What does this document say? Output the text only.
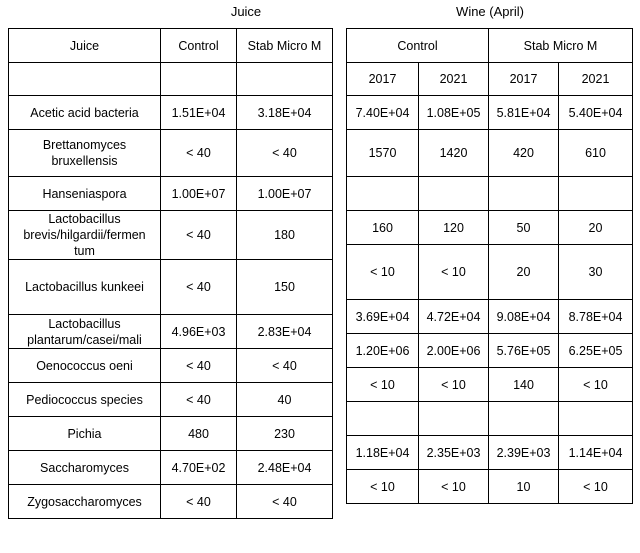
Juice	Wine (April)
Juice	Control	Stab Micro M

Acetic acid bacteria	1.51E+04	3.18E+04
Brettanomyces bruxellensis	< 40	< 40
Hanseniaspora	1.00E+07	1.00E+07
Lactobacillus brevis/hilgardii/fermen tum	< 40	180
Lactobacillus kunkeei	< 40	150
Lactobacillus plantarum/casei/mali	4.96E+03	2.83E+04
Oenococcus oeni	< 40	< 40
Pediococcus species	< 40	40
Pichia	480	230
Saccharomyces	4.70E+02	2.48E+04
Zygosaccharomyces	< 40	< 40
Control		Stab Micro M	
2017	2021	2017	2021
7.40E+04	1.08E+05	5.81E+04	5.40E+04
1570	1420	420	610

160	120	50	20
< 10	< 10	20	30
3.69E+04	4.72E+04	9.08E+04	8.78E+04
1.20E+06	2.00E+06	5.76E+05	6.25E+05
< 10	< 10	140	< 10

1.18E+04	2.35E+03	2.39E+03	1.14E+04
< 10	< 10	10	< 10
